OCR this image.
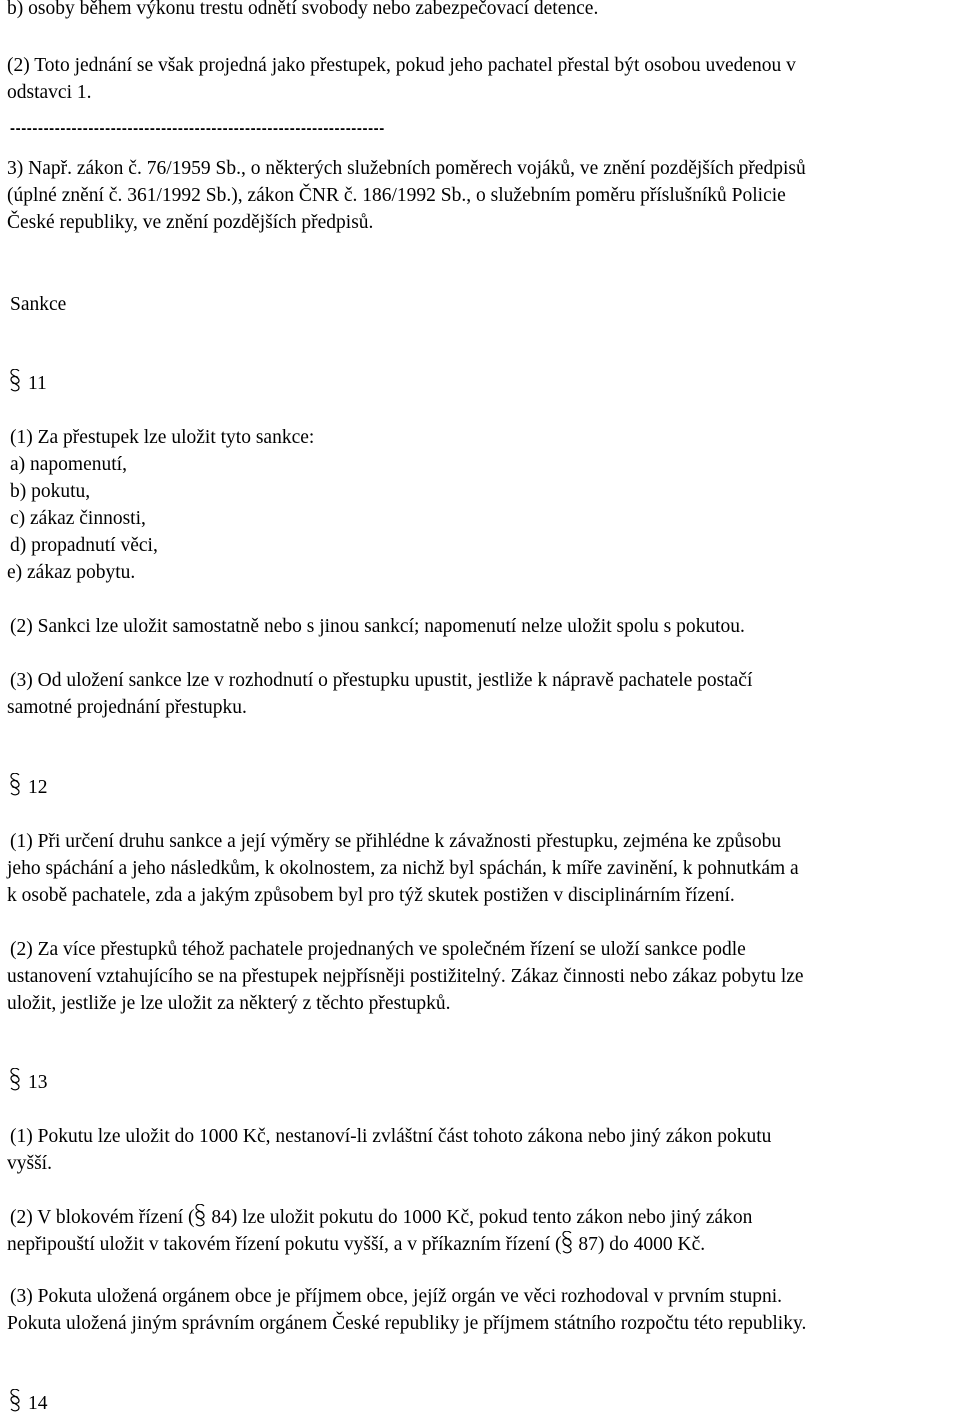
b) osoby během výkonu trestu odnětí svobody nebo zabezpečovací detence.

(2) Toto jednání se však projedná jako přestupek, pokud jeho pachatel přestal být osobou uvedenou v

odstavci 1.

-------------------------------------------------------------------

3) Např. zákon č. 76/1959 Sb., o některých služebních poměrech vojáků, ve znění pozdějších předpisů

(úplné znění č. 361/1992 Sb.), zákon ČNR č. 186/1992 Sb., o služebním poměru příslušníků Policie

České republiky, ve znění pozdějších předpisů.

Sankce

11

(1) Za přestupek lze uložit tyto sankce:

a) napomenutí,

b) pokutu,

c) zákaz činnosti,

d) propadnutí věci,

e) zákaz pobytu.

(2) Sankci lze uložit samostatně nebo s jinou sankcí; napomenutí nelze uložit spolu s pokutou.

(3) Od uložení sankce lze v rozhodnutí o přestupku upustit, jestliže k nápravě pachatele postačí

samotné projednání přestupku.

12

(1) Při určení druhu sankce a její výměry se přihlédne k závažnosti přestupku, zejména ke způsobu

jeho spáchání a jeho následkům, k okolnostem, za nichž byl spáchán, k míře zavinění, k pohnutkám a

k osobě pachatele, zda a jakým způsobem byl pro týž skutek postižen v disciplinárním řízení.

(2) Za více přestupků téhož pachatele projednaných ve společném řízení se uloží sankce podle

ustanovení vztahujícího se na přestupek nejpřísněji postižitelný. Zákaz činnosti nebo zákaz pobytu lze

uložit, jestliže je lze uložit za některý z těchto přestupků.

13

(1) Pokutu lze uložit do 1000 Kč, nestanoví-li zvláštní část tohoto zákona nebo jiný zákon pokutu

vyšší.

(2) V blokovém řízení ( 84) lze uložit pokutu do 1000 Kč, pokud tento zákon nebo jiný zákon

nepřipouští uložit v takovém řízení pokutu vyšší, a v příkazním řízení ( 87) do 4000 Kč.

(3) Pokuta uložená orgánem obce je příjmem obce, jejíž orgán ve věci rozhodoval v prvním stupni.

Pokuta uložená jiným správním orgánem České republiky je příjmem státního rozpočtu této republiky.

14
